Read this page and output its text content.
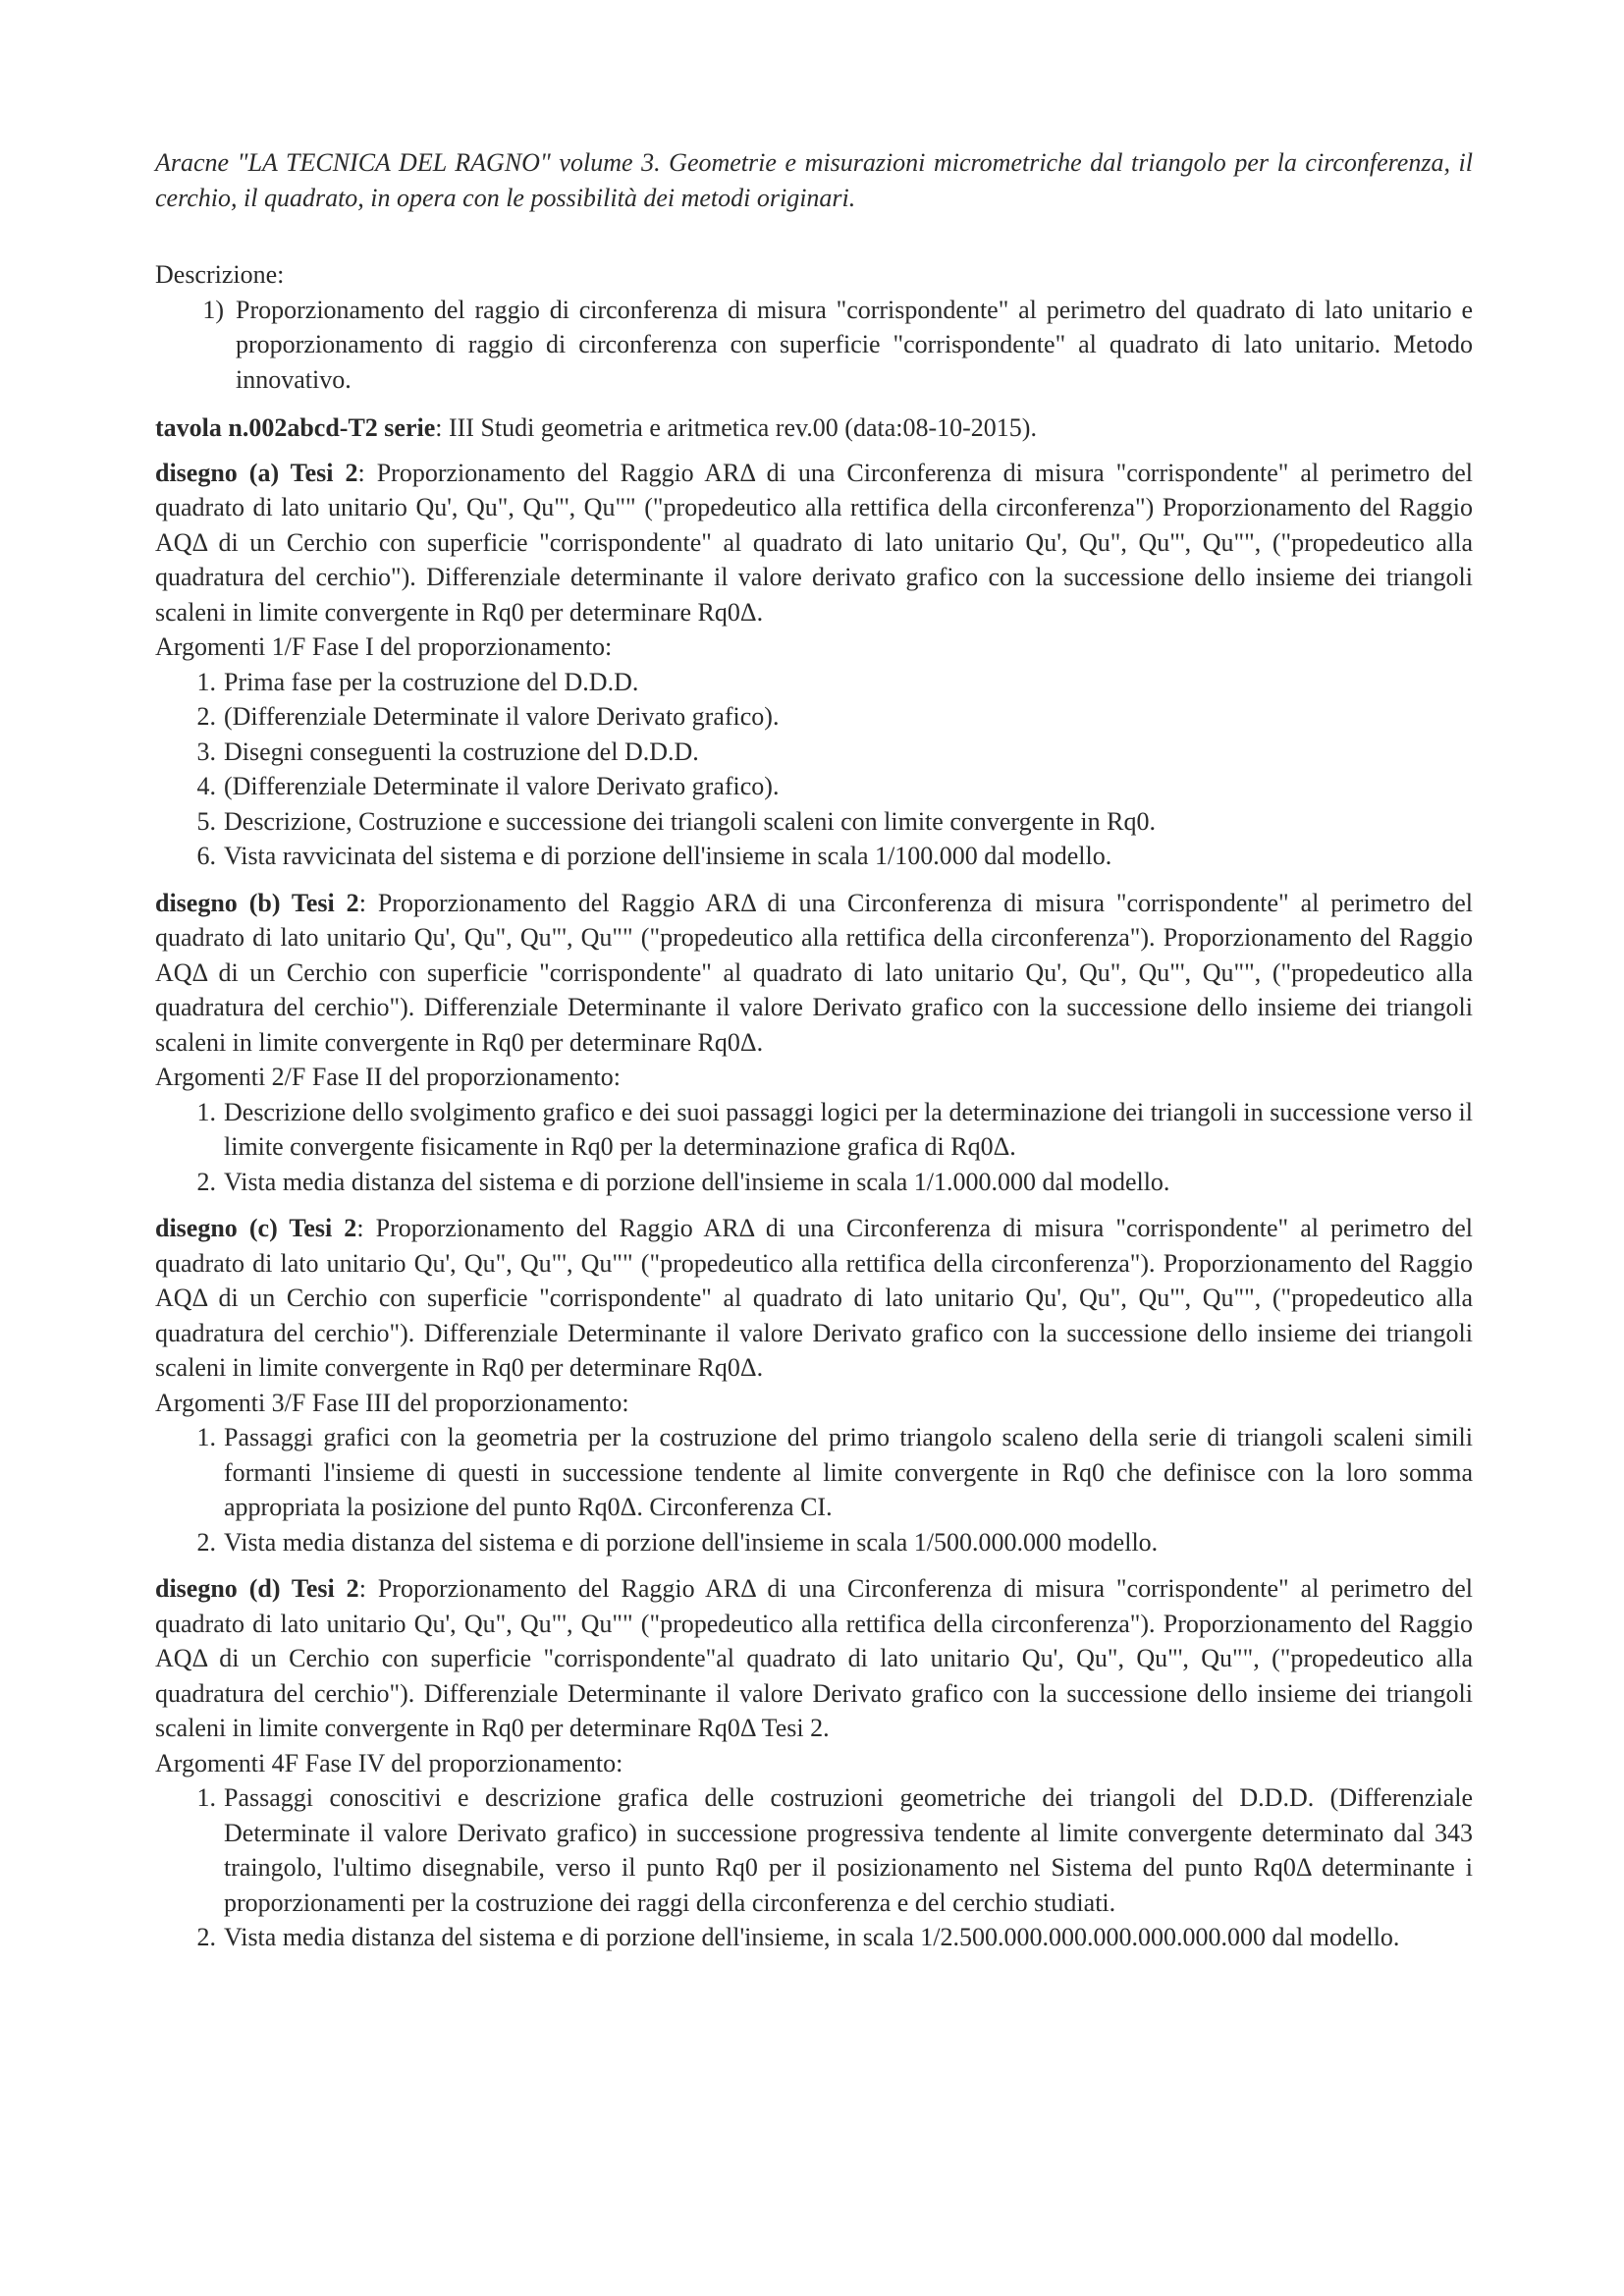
Aracne "LA TECNICA DEL RAGNO" volume 3. Geometrie e misurazioni micrometriche dal triangolo per la circonferenza, il cerchio, il quadrato, in opera con le possibilità dei metodi originari.

Descrizione:

1) Proporzionamento del raggio di circonferenza di misura "corrispondente" al perimetro del quadrato di lato unitario e proporzionamento di raggio di circonferenza con superficie "corrispondente" al quadrato di lato unitario. Metodo innovativo.

tavola n.002abcd-T2 serie: III Studi geometria e aritmetica rev.00 (data:08-10-2015).

disegno (a) Tesi 2: Proporzionamento del Raggio ARΔ di una Circonferenza di misura "corrispondente" al perimetro del quadrato di lato unitario Qu', Qu", Qu"', Qu"" ("propedeutico alla rettifica della circonferenza") Proporzionamento del Raggio AQΔ di un Cerchio con superficie "corrispondente" al quadrato di lato unitario Qu', Qu", Qu"', Qu"", ("propedeutico alla quadratura del cerchio"). Differenziale determinante il valore derivato grafico con la successione dello insieme dei triangoli scaleni in limite convergente in Rq0 per determinare Rq0Δ.

Argomenti 1/F Fase I del proporzionamento:

1. Prima fase per la costruzione del D.D.D.
2. (Differenziale Determinate il valore Derivato grafico).
3. Disegni conseguenti la costruzione del D.D.D.
4. (Differenziale Determinate il valore Derivato grafico).
5. Descrizione, Costruzione e successione dei triangoli scaleni con limite convergente in Rq0.
6. Vista ravvicinata del sistema e di porzione dell'insieme in scala 1/100.000 dal modello.

disegno (b) Tesi 2: Proporzionamento del Raggio ARΔ di una Circonferenza di misura "corrispondente" al perimetro del quadrato di lato unitario Qu', Qu", Qu"', Qu"" ("propedeutico alla rettifica della circonferenza"). Proporzionamento del Raggio AQΔ di un Cerchio con superficie "corrispondente" al quadrato di lato unitario Qu', Qu", Qu"', Qu"", ("propedeutico alla quadratura del cerchio"). Differenziale Determinante il valore Derivato grafico con la successione dello insieme dei triangoli scaleni in limite convergente in Rq0 per determinare Rq0Δ.

Argomenti 2/F Fase II del proporzionamento:

1. Descrizione dello svolgimento grafico e dei suoi passaggi logici per la determinazione dei triangoli in successione verso il limite convergente fisicamente in Rq0 per la determinazione grafica di Rq0Δ.
2. Vista media distanza del sistema e di porzione dell'insieme in scala 1/1.000.000 dal modello.

disegno (c) Tesi 2: Proporzionamento del Raggio ARΔ di una Circonferenza di misura "corrispondente" al perimetro del quadrato di lato unitario Qu', Qu", Qu"', Qu"" ("propedeutico alla rettifica della circonferenza"). Proporzionamento del Raggio AQΔ di un Cerchio con superficie "corrispondente" al quadrato di lato unitario Qu', Qu", Qu"', Qu"", ("propedeutico alla quadratura del cerchio"). Differenziale Determinante il valore Derivato grafico con la successione dello insieme dei triangoli scaleni in limite convergente in Rq0 per determinare Rq0Δ.

Argomenti 3/F Fase III del proporzionamento:

1. Passaggi grafici con la geometria per la costruzione del primo triangolo scaleno della serie di triangoli scaleni simili formanti l'insieme di questi in successione tendente al limite convergente in Rq0 che definisce con la loro somma appropriata la posizione del punto Rq0Δ. Circonferenza CI.
2. Vista media distanza del sistema e di porzione dell'insieme in scala 1/500.000.000 modello.

disegno (d) Tesi 2: Proporzionamento del Raggio ARΔ di una Circonferenza di misura "corrispondente" al perimetro del quadrato di lato unitario Qu', Qu", Qu"', Qu"" ("propedeutico alla rettifica della circonferenza"). Proporzionamento del Raggio AQΔ di un Cerchio con superficie "corrispondente"al quadrato di lato unitario Qu', Qu", Qu"', Qu"", ("propedeutico alla quadratura del cerchio"). Differenziale Determinante il valore Derivato grafico con la successione dello insieme dei triangoli scaleni in limite convergente in Rq0 per determinare Rq0Δ Tesi 2.

Argomenti 4F Fase IV del proporzionamento:

1. Passaggi conoscitivi e descrizione grafica delle costruzioni geometriche dei triangoli del D.D.D. (Differenziale Determinate il valore Derivato grafico) in successione progressiva tendente al limite convergente determinato dal 343 traingolo, l'ultimo disegnabile, verso il punto Rq0 per il posizionamento nel Sistema del punto Rq0Δ determinante i proporzionamenti per la costruzione dei raggi della circonferenza e del cerchio studiati.
2. Vista media distanza del sistema e di porzione dell'insieme, in scala 1/2.500.000.000.000.000.000.000 dal modello.
